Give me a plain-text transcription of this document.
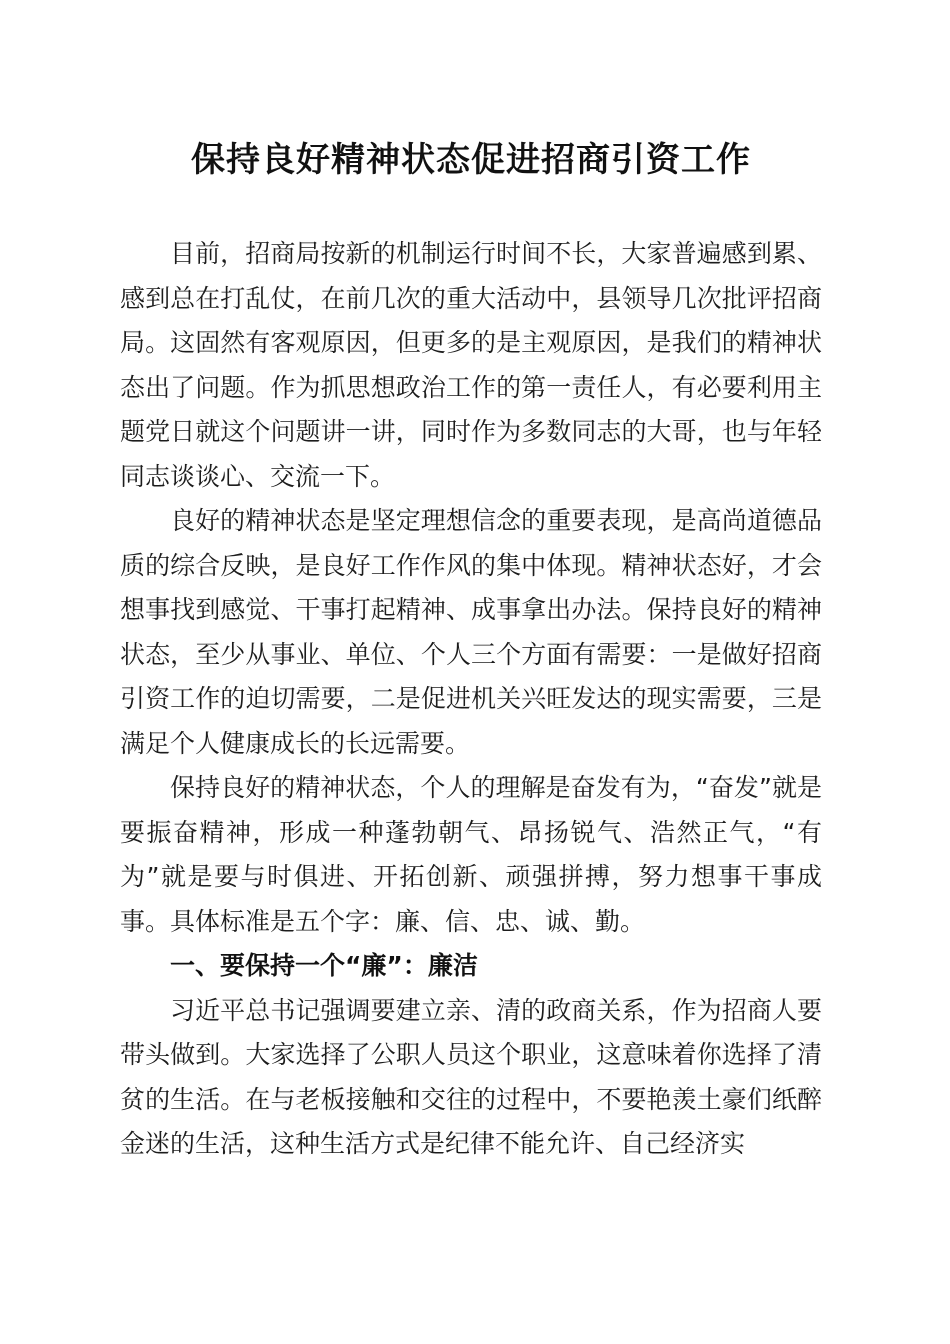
保持良好精神状态促进招商引资工作

目前，招商局按新的机制运行时间不长，大家普遍感到累、感到总在打乱仗，在前几次的重大活动中，县领导几次批评招商局。这固然有客观原因，但更多的是主观原因，是我们的精神状态出了问题。作为抓思想政治工作的第一责任人，有必要利用主题党日就这个问题讲一讲，同时作为多数同志的大哥，也与年轻同志谈谈心、交流一下。

良好的精神状态是坚定理想信念的重要表现，是高尚道德品质的综合反映，是良好工作作风的集中体现。精神状态好，才会想事找到感觉、干事打起精神、成事拿出办法。保持良好的精神状态，至少从事业、单位、个人三个方面有需要：一是做好招商引资工作的迫切需要，二是促进机关兴旺发达的现实需要，三是满足个人健康成长的长远需要。

保持良好的精神状态，个人的理解是奋发有为，“奋发”就是要振奋精神，形成一种蓬勃朝气、昂扬锐气、浩然正气，“有为”就是要与时俱进、开拓创新、顽强拼搏，努力想事干事成事。具体标准是五个字：廉、信、忠、诚、勤。

一、要保持一个“廉”：廉洁

习近平总书记强调要建立亲、清的政商关系，作为招商人要带头做到。大家选择了公职人员这个职业，这意味着你选择了清贫的生活。在与老板接触和交往的过程中，不要艳羡土豪们纸醉金迷的生活，这种生活方式是纪律不能允许、自己经济实
